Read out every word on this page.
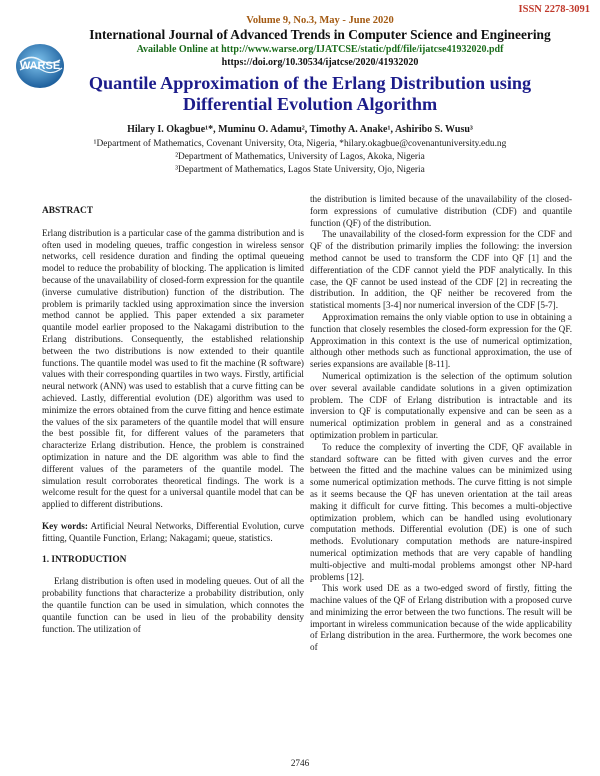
ISSN 2278-3091
WARSE
Volume 9, No.3, May - June 2020
International Journal of Advanced Trends in Computer Science and Engineering
Available Online at http://www.warse.org/IJATCSE/static/pdf/file/ijatcse41932020.pdf
https://doi.org/10.30534/ijatcse/2020/41932020
Quantile Approximation of the Erlang Distribution using
Differential Evolution Algorithm
Hilary I. Okagbue¹*, Muminu O. Adamu², Timothy A. Anake¹, Ashiribo S. Wusu³
¹Department of Mathematics, Covenant University, Ota, Nigeria, *hilary.okagbue@covenantuniversity.edu.ng
²Department of Mathematics, University of Lagos, Akoka, Nigeria
³Department of Mathematics, Lagos State University, Ojo, Nigeria

ABSTRACT

Erlang distribution is a particular case of the gamma distribution and is often used in modeling queues, traffic congestion in wireless sensor networks, cell residence duration and finding the optimal queueing model to reduce the probability of blocking. The application is limited because of the unavailability of closed-form expression for the quantile (inverse cumulative distribution) function of the distribution. The problem is primarily tackled using approximation since the inversion method cannot be applied. This paper extended a six parameter quantile model earlier proposed to the Nakagami distribution to the Erlang distributions. Consequently, the established relationship between the two distributions is now extended to their quantile functions. The quantile model was used to fit the machine (R software) values with their corresponding quartiles in two ways. Firstly, artificial neural network (ANN) was used to establish that a curve fitting can be achieved. Lastly, differential evolution (DE) algorithm was used to minimize the errors obtained from the curve fitting and hence estimate the values of the six parameters of the quantile model that will ensure the best possible fit, for different values of the parameters that characterize Erlang distribution. Hence, the problem is constrained optimization in nature and the DE algorithm was able to find the different values of the parameters of the quantile model. The simulation result corroborates theoretical findings. The work is a welcome result for the quest for a universal quantile model that can be applied to different distributions.

Key words: Artificial Neural Networks, Differential Evolution, curve fitting, Quantile Function, Erlang; Nakagami; queue, statistics.

1. INTRODUCTION

Erlang distribution is often used in modeling queues. Out of all the probability functions that characterize a probability distribution, only the quantile function can be used in simulation, which connotes the quantile function can be used in lieu of the probability density function. The utilization of

the distribution is limited because of the unavailability of the closed-form expressions of cumulative distribution (CDF) and quantile function (QF) of the distribution.

The unavailability of the closed-form expression for the CDF and QF of the distribution primarily implies the following: the inversion method cannot be used to transform the CDF into QF [1] and the differentiation of the CDF cannot yield the PDF analytically. In this case, the QF cannot be used instead of the CDF [2] in recreating the distribution. In addition, the QF neither be recovered from the statistical moments [3-4] nor numerical inversion of the CDF [5-7].

Approximation remains the only viable option to use in obtaining a function that closely resembles the closed-form expression for the QF. Approximation in this context is the use of numerical optimization, although other methods such as functional approximation, the use of series expansions are available [8-11].

Numerical optimization is the selection of the optimum solution over several available candidate solutions in a given optimization problem. The CDF of Erlang distribution is intractable and its inversion to QF is computationally expensive and can be seen as a numerical optimization problem in general and as a constrained optimization problem in particular.

To reduce the complexity of inverting the CDF, QF available in standard software can be fitted with given curves and the error between the fitted and the machine values can be minimized using some numerical optimization methods. The curve fitting is not simple as it seems because the QF has uneven orientation at the tail areas making it difficult for curve fitting. This becomes a multi-objective optimization problem, which can be handled using evolutionary computation methods. Differential evolution (DE) is one of such methods. Evolutionary computation methods are nature-inspired numerical optimization methods that are very capable of handling multi-objective and multi-modal problems amongst other NP-hard problems [12].

This work used DE as a two-edged sword of firstly, fitting the machine values of the QF of Erlang distribution with a proposed curve and minimizing the error between the two functions. The result will be important in wireless communication because of the wide applicability of Erlang distribution in the area. Furthermore, the work becomes one of

2746
